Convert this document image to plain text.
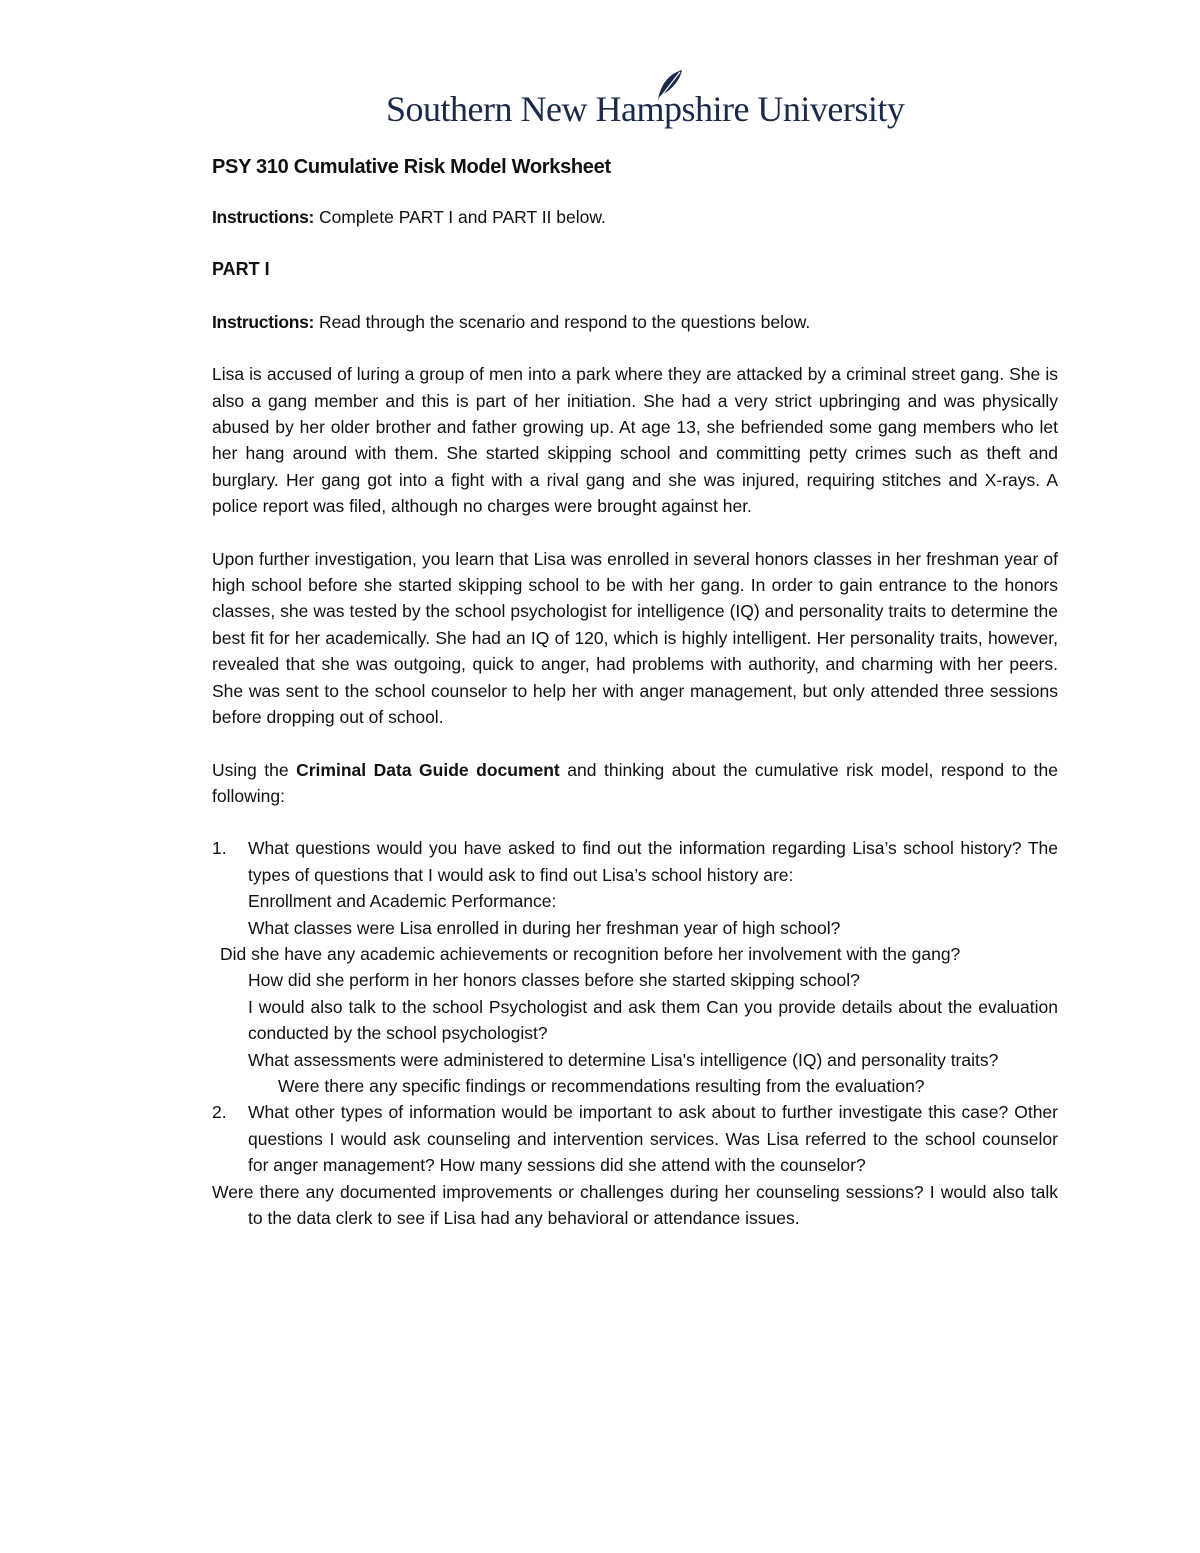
Southern New Hampshire University

PSY 310 Cumulative Risk Model Worksheet

Instructions: Complete PART I and PART II below.

PART I

Instructions: Read through the scenario and respond to the questions below.

Lisa is accused of luring a group of men into a park where they are attacked by a criminal street gang. She is also a gang member and this is part of her initiation. She had a very strict upbringing and was physically abused by her older brother and father growing up. At age 13, she befriended some gang members who let her hang around with them. She started skipping school and committing petty crimes such as theft and burglary. Her gang got into a fight with a rival gang and she was injured, requiring stitches and X-rays. A police report was filed, although no charges were brought against her.

Upon further investigation, you learn that Lisa was enrolled in several honors classes in her freshman year of high school before she started skipping school to be with her gang. In order to gain entrance to the honors classes, she was tested by the school psychologist for intelligence (IQ) and personality traits to determine the best fit for her academically. She had an IQ of 120, which is highly intelligent. Her personality traits, however, revealed that she was outgoing, quick to anger, had problems with authority, and charming with her peers. She was sent to the school counselor to help her with anger management, but only attended three sessions before dropping out of school.

Using the Criminal Data Guide document and thinking about the cumulative risk model, respond to the following:

1. What questions would you have asked to find out the information regarding Lisa’s school history? The types of questions that I would ask to find out Lisa’s school history are:
Enrollment and Academic Performance:
What classes were Lisa enrolled in during her freshman year of high school?
Did she have any academic achievements or recognition before her involvement with the gang?
How did she perform in her honors classes before she started skipping school?
I would also talk to the school Psychologist and ask them Can you provide details about the evaluation conducted by the school psychologist?
What assessments were administered to determine Lisa's intelligence (IQ) and personality traits?
Were there any specific findings or recommendations resulting from the evaluation?
2. What other types of information would be important to ask about to further investigate this case? Other questions I would ask counseling and intervention services. Was Lisa referred to the school counselor for anger management? How many sessions did she attend with the counselor?
Were there any documented improvements or challenges during her counseling sessions? I would also talk to the data clerk to see if Lisa had any behavioral or attendance issues.
